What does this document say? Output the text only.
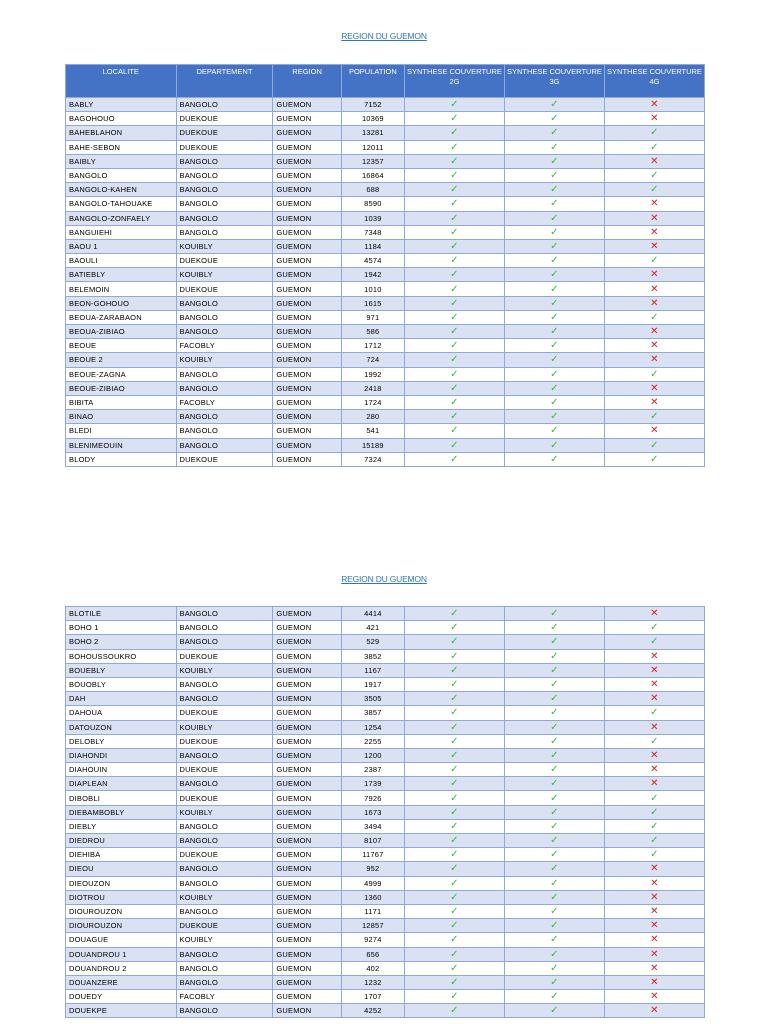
REGION DU GUEMON
LOCALITE	DEPARTEMENT	REGION	POPULATION	SYNTHESE COUVERTURE 2G	SYNTHESE COUVERTURE 3G	SYNTHESE COUVERTURE 4G
BABLY	BANGOLO	GUEMON	7152	✓	✓	✕
BAGOHOUO	DUEKOUE	GUEMON	10369	✓	✓	✕
BAHEBLAHON	DUEKOUE	GUEMON	13281	✓	✓	✓
BAHE-SEBON	DUEKOUE	GUEMON	12011	✓	✓	✓
BAIBLY	BANGOLO	GUEMON	12357	✓	✓	✕
BANGOLO	BANGOLO	GUEMON	16864	✓	✓	✓
BANGOLO-KAHEN	BANGOLO	GUEMON	688	✓	✓	✓
BANGOLO-TAHOUAKE	BANGOLO	GUEMON	8590	✓	✓	✕
BANGOLO-ZONFAELY	BANGOLO	GUEMON	1039	✓	✓	✕
BANGUIEHI	BANGOLO	GUEMON	7348	✓	✓	✕
BAOU 1	KOUIBLY	GUEMON	1184	✓	✓	✕
BAOULI	DUEKOUE	GUEMON	4574	✓	✓	✓
BATIEBLY	KOUIBLY	GUEMON	1942	✓	✓	✕
BELEMOIN	DUEKOUE	GUEMON	1010	✓	✓	✕
BEON-GOHOUO	BANGOLO	GUEMON	1615	✓	✓	✕
BEOUA-ZARABAON	BANGOLO	GUEMON	971	✓	✓	✓
BEOUA-ZIBIAO	BANGOLO	GUEMON	586	✓	✓	✕
BEOUE	FACOBLY	GUEMON	1712	✓	✓	✕
BEOUE 2	KOUIBLY	GUEMON	724	✓	✓	✕
BEOUE-ZAGNA	BANGOLO	GUEMON	1992	✓	✓	✓
BEOUE-ZIBIAO	BANGOLO	GUEMON	2418	✓	✓	✕
BIBITA	FACOBLY	GUEMON	1724	✓	✓	✕
BINAO	BANGOLO	GUEMON	280	✓	✓	✓
BLEDI	BANGOLO	GUEMON	541	✓	✓	✕
BLENIMEOUIN	BANGOLO	GUEMON	15189	✓	✓	✓
BLODY	DUEKOUE	GUEMON	7324	✓	✓	✓
REGION DU GUEMON
BLOTILE	BANGOLO	GUEMON	4414	✓	✓	✕
BOHO 1	BANGOLO	GUEMON	421	✓	✓	✓
BOHO 2	BANGOLO	GUEMON	529	✓	✓	✓
BOHOUSSOUKRO	DUEKOUE	GUEMON	3852	✓	✓	✕
BOUEBLY	KOUIBLY	GUEMON	1167	✓	✓	✕
BOUOBLY	BANGOLO	GUEMON	1917	✓	✓	✕
DAH	BANGOLO	GUEMON	3505	✓	✓	✕
DAHOUA	DUEKOUE	GUEMON	3857	✓	✓	✓
DATOUZON	KOUIBLY	GUEMON	1254	✓	✓	✕
DELOBLY	DUEKOUE	GUEMON	2255	✓	✓	✓
DIAHONDI	BANGOLO	GUEMON	1200	✓	✓	✕
DIAHOUIN	DUEKOUE	GUEMON	2387	✓	✓	✕
DIAPLEAN	BANGOLO	GUEMON	1739	✓	✓	✕
DIBOBLI	DUEKOUE	GUEMON	7926	✓	✓	✓
DIEBAMBOBLY	KOUIBLY	GUEMON	1673	✓	✓	✓
DIEBLY	BANGOLO	GUEMON	3494	✓	✓	✓
DIEDROU	BANGOLO	GUEMON	8107	✓	✓	✓
DIEHIBA	DUEKOUE	GUEMON	11767	✓	✓	✓
DIEOU	BANGOLO	GUEMON	952	✓	✓	✕
DIEOUZON	BANGOLO	GUEMON	4999	✓	✓	✕
DIOTROU	KOUIBLY	GUEMON	1360	✓	✓	✕
DIOUROUZON	BANGOLO	GUEMON	1171	✓	✓	✕
DIOUROUZON	DUEKOUE	GUEMON	12857	✓	✓	✕
DOUAGUE	KOUIBLY	GUEMON	9274	✓	✓	✕
DOUANDROU 1	BANGOLO	GUEMON	656	✓	✓	✕
DOUANDROU 2	BANGOLO	GUEMON	402	✓	✓	✕
DOUANZERE	BANGOLO	GUEMON	1232	✓	✓	✕
DOUEDY	FACOBLY	GUEMON	1707	✓	✓	✕
DOUEKPE	BANGOLO	GUEMON	4252	✓	✓	✕
